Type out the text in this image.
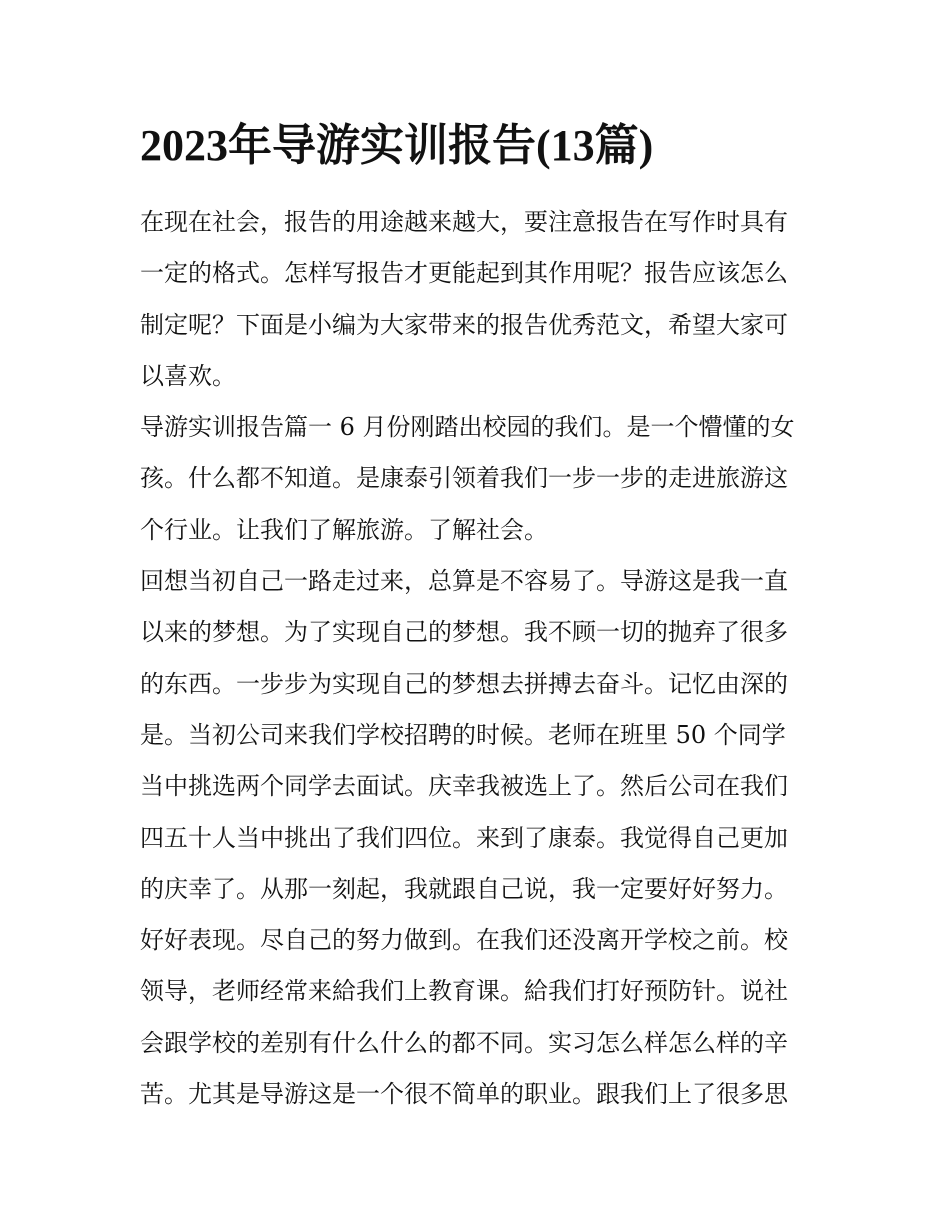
2023年导游实训报告(13篇)
在现在社会，报告的用途越来越大，要注意报告在写作时具有
一定的格式。怎样写报告才更能起到其作用呢？报告应该怎么
制定呢？下面是小编为大家带来的报告优秀范文，希望大家可
以喜欢。
导游实训报告篇一 6 月份刚踏出校园的我们。是一个懵懂的女
孩。什么都不知道。是康泰引领着我们一步一步的走进旅游这
个行业。让我们了解旅游。了解社会。
回想当初自己一路走过来，总算是不容易了。导游这是我一直
以来的梦想。为了实现自己的梦想。我不顾一切的抛弃了很多
的东西。一步步为实现自己的梦想去拼搏去奋斗。记忆由深的
是。当初公司来我们学校招聘的时候。老师在班里 50 个同学
当中挑选两个同学去面试。庆幸我被选上了。然后公司在我们
四五十人当中挑出了我们四位。来到了康泰。我觉得自己更加
的庆幸了。从那一刻起，我就跟自己说，我一定要好好努力。
好好表现。尽自己的努力做到。在我们还没离开学校之前。校
领导，老师经常来給我们上教育课。給我们打好预防针。说社
会跟学校的差别有什么什么的都不同。实习怎么样怎么样的辛
苦。尤其是导游这是一个很不简单的职业。跟我们上了很多思
